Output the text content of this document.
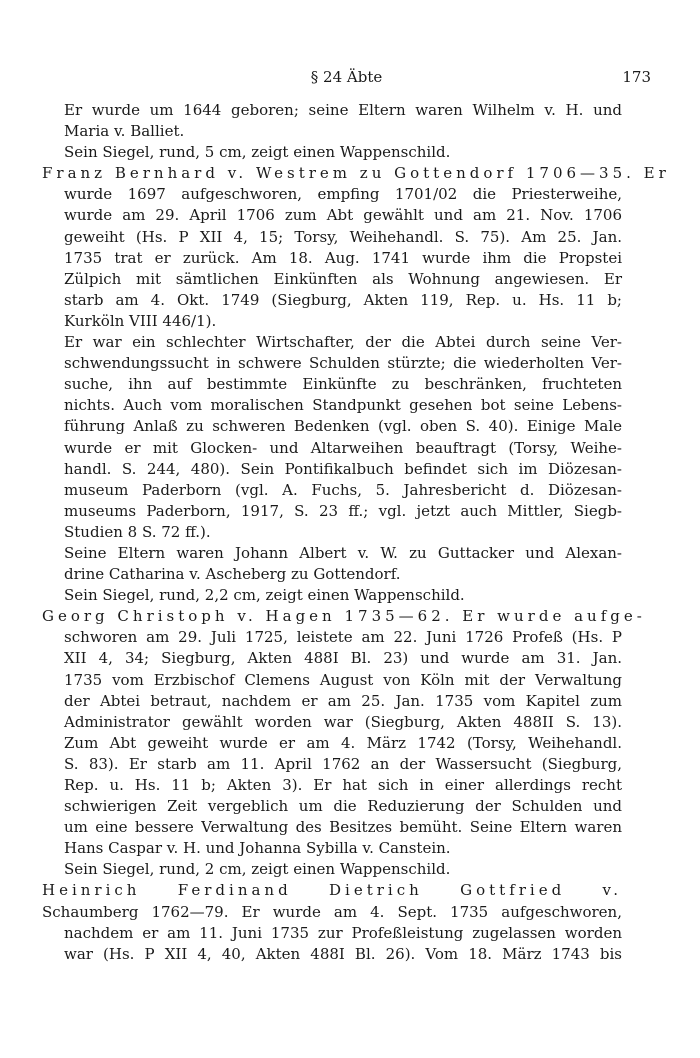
§ 24 Äbte	173
Er wurde um 1644 geboren; seine Eltern waren Wilhelm v. H. und
Maria v. Balliet.
Sein Siegel, rund, 5 cm, zeigt einen Wappenschild.
Franz Bernhard v. Westrem zu Gottendorf 1706—35. Er
wurde 1697 aufgeschworen, empfing 1701/02 die Priesterweihe,
wurde am 29. April 1706 zum Abt gewählt und am 21. Nov. 1706
geweiht (Hs. P XII 4, 15; Torsy, Weihehandl. S. 75). Am 25. Jan.
1735 trat er zurück. Am 18. Aug. 1741 wurde ihm die Propstei
Zülpich mit sämtlichen Einkünften als Wohnung angewiesen. Er
starb am 4. Okt. 1749 (Siegburg, Akten 119, Rep. u. Hs. 11 b;
Kurköln VIII 446/1).
Er war ein schlechter Wirtschafter, der die Abtei durch seine Ver-
schwendungssucht in schwere Schulden stürzte; die wiederholten Ver-
suche, ihn auf bestimmte Einkünfte zu beschränken, fruchteten
nichts. Auch vom moralischen Standpunkt gesehen bot seine Lebens-
führung Anlaß zu schweren Bedenken (vgl. oben S. 40). Einige Male
wurde er mit Glocken- und Altarweihen beauftragt (Torsy, Weihe-
handl. S. 244, 480). Sein Pontifikalbuch befindet sich im Diözesan-
museum Paderborn (vgl. A. Fuchs, 5. Jahresbericht d. Diözesan-
museums Paderborn, 1917, S. 23 ff.; vgl. jetzt auch Mittler, Siegb-
Studien 8 S. 72 ff.).
Seine Eltern waren Johann Albert v. W. zu Guttacker und Alexan-
drine Catharina v. Ascheberg zu Gottendorf.
Sein Siegel, rund, 2,2 cm, zeigt einen Wappenschild.
Georg Christoph v. Hagen 1735—62. Er wurde aufge-
schworen am 29. Juli 1725, leistete am 22. Juni 1726 Profeß (Hs. P
XII 4, 34; Siegburg, Akten 488I Bl. 23) und wurde am 31. Jan.
1735 vom Erzbischof Clemens August von Köln mit der Verwaltung
der Abtei betraut, nachdem er am 25. Jan. 1735 vom Kapitel zum
Administrator gewählt worden war (Siegburg, Akten 488II S. 13).
Zum Abt geweiht wurde er am 4. März 1742 (Torsy, Weihehandl.
S. 83). Er starb am 11. April 1762 an der Wassersucht (Siegburg,
Rep. u. Hs. 11 b; Akten 3). Er hat sich in einer allerdings recht
schwierigen Zeit vergeblich um die Reduzierung der Schulden und
um eine bessere Verwaltung des Besitzes bemüht. Seine Eltern waren
Hans Caspar v. H. und Johanna Sybilla v. Canstein.
Sein Siegel, rund, 2 cm, zeigt einen Wappenschild.
Heinrich Ferdinand Dietrich Gottfried v.
Schaumberg 1762—79. Er wurde am 4. Sept. 1735 aufgeschworen,
nachdem er am 11. Juni 1735 zur Profeßleistung zugelassen worden
war (Hs. P XII 4, 40, Akten 488I Bl. 26). Vom 18. März 1743 bis
